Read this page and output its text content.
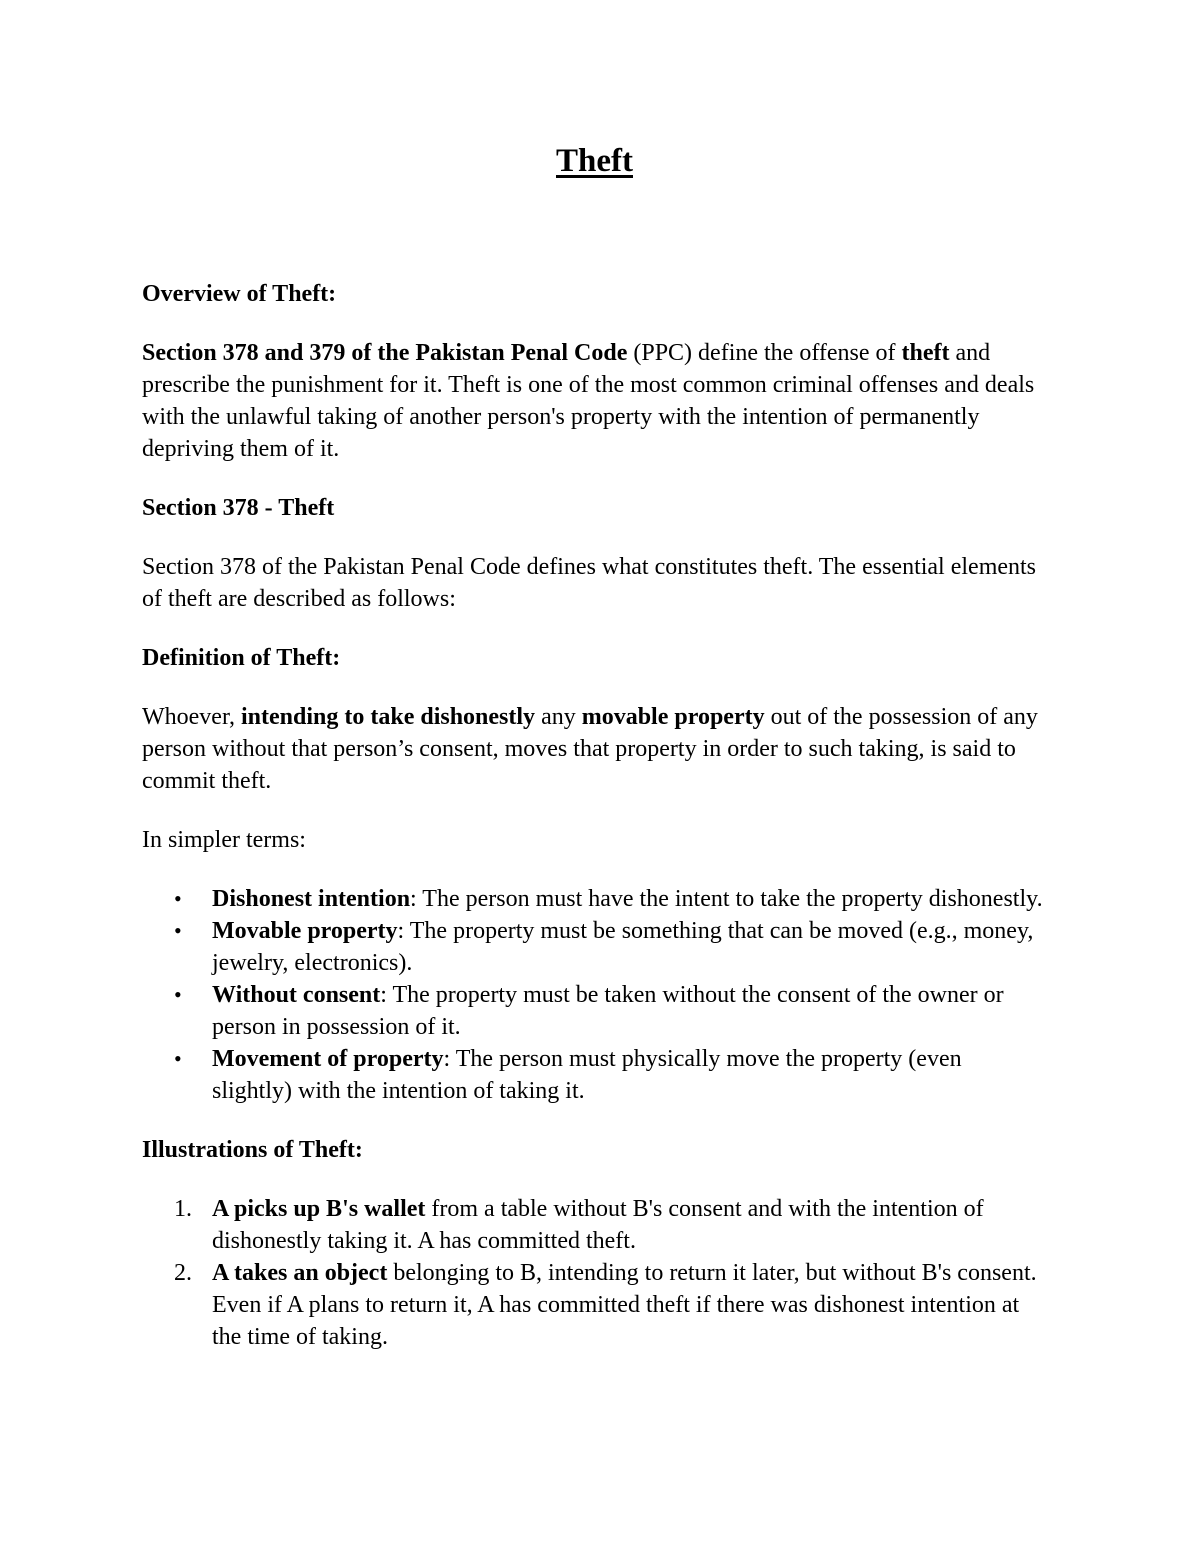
Theft
Overview of Theft:

Section 378 and 379 of the Pakistan Penal Code (PPC) define the offense of theft and prescribe the punishment for it. Theft is one of the most common criminal offenses and deals with the unlawful taking of another person's property with the intention of permanently depriving them of it.

Section 378 - Theft

Section 378 of the Pakistan Penal Code defines what constitutes theft. The essential elements of theft are described as follows:

Definition of Theft:

Whoever, intending to take dishonestly any movable property out of the possession of any person without that person’s consent, moves that property in order to such taking, is said to commit theft.

In simpler terms:

• Dishonest intention: The person must have the intent to take the property dishonestly.
• Movable property: The property must be something that can be moved (e.g., money, jewelry, electronics).
• Without consent: The property must be taken without the consent of the owner or person in possession of it.
• Movement of property: The person must physically move the property (even slightly) with the intention of taking it.
Illustrations of Theft:
1. A picks up B's wallet from a table without B's consent and with the intention of dishonestly taking it. A has committed theft.
2. A takes an object belonging to B, intending to return it later, but without B's consent. Even if A plans to return it, A has committed theft if there was dishonest intention at the time of taking.
